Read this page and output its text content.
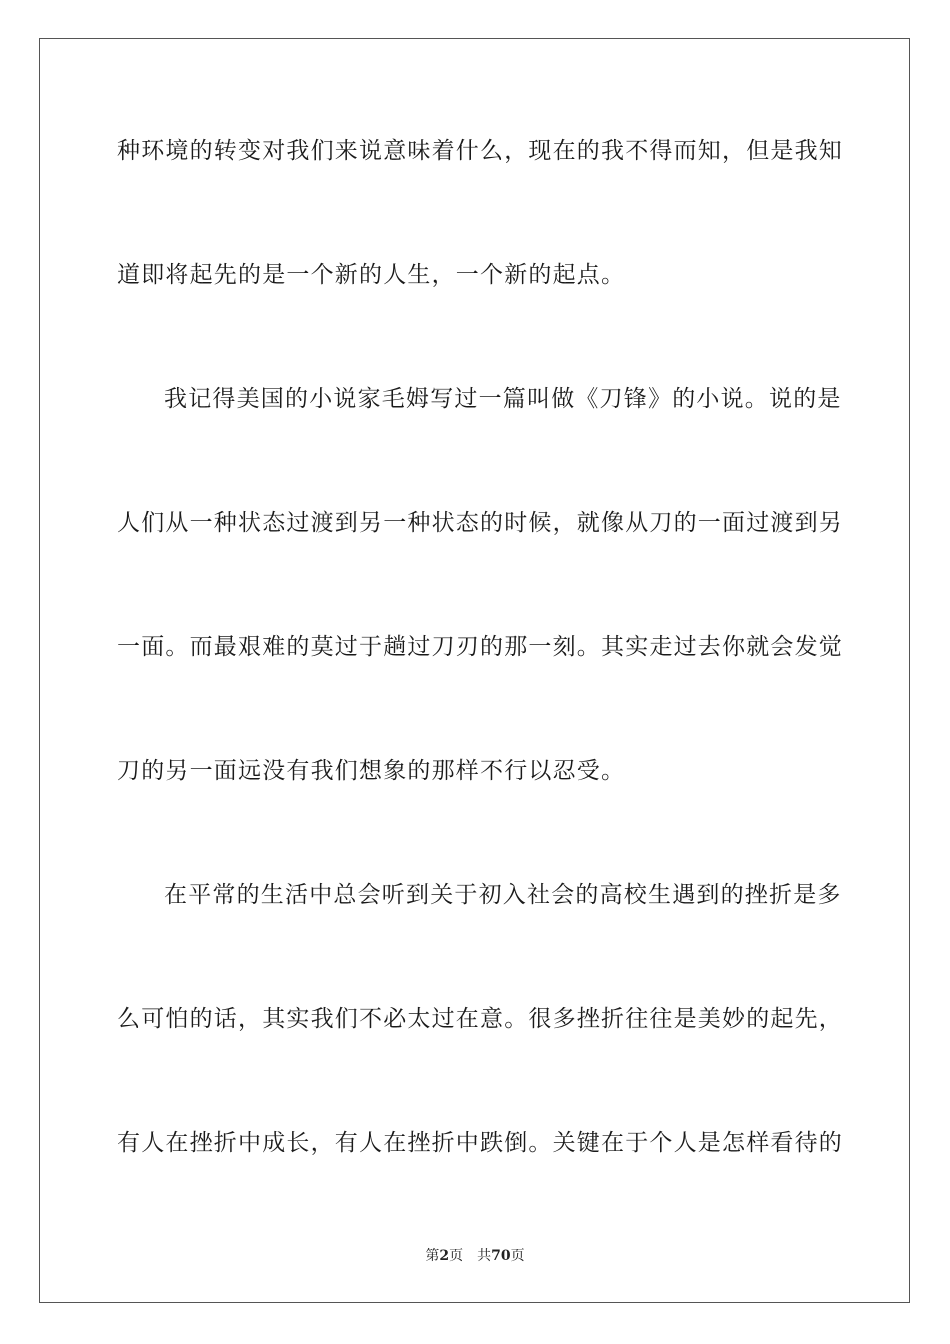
种环境的转变对我们来说意味着什么，现在的我不得而知，但是我知
道即将起先的是一个新的人生，一个新的起点。
我记得美国的小说家毛姆写过一篇叫做《刀锋》的小说。说的是
人们从一种状态过渡到另一种状态的时候，就像从刀的一面过渡到另
一面。而最艰难的莫过于趟过刀刃的那一刻。其实走过去你就会发觉
刀的另一面远没有我们想象的那样不行以忍受。
在平常的生活中总会听到关于初入社会的高校生遇到的挫折是多
么可怕的话，其实我们不必太过在意。很多挫折往往是美妙的起先，
有人在挫折中成长，有人在挫折中跌倒。关键在于个人是怎样看待的
第2页 共70页
